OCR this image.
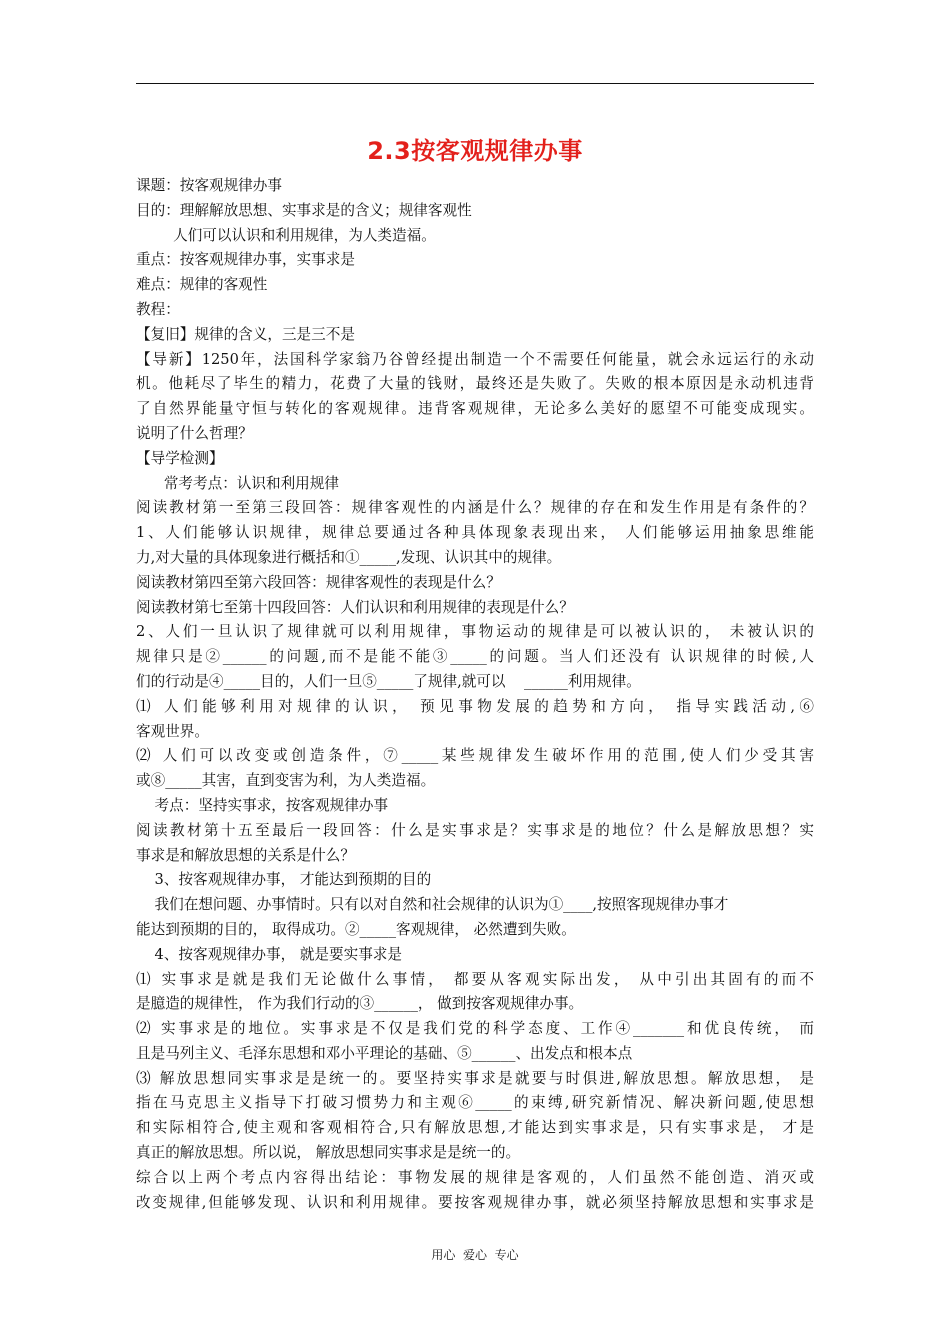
2.3按客观规律办事
课题：按客观规律办事
目的：理解解放思想、实事求是的含义；规律客观性
人们可以认识和利用规律，为人类造福。
重点：按客观规律办事，实事求是
难点：规律的客观性
教程：
【复旧】规律的含义，三是三不是
【导新】1250年，法国科学家翁乃谷曾经提出制造一个不需要任何能量，就会永远运行的永动
机。他耗尽了毕生的精力，花费了大量的钱财，最终还是失败了。失败的根本原因是永动机违背
了自然界能量守恒与转化的客观规律。违背客观规律，无论多么美好的愿望不可能变成现实。
说明了什么哲理？
【导学检测】
常考考点：认识和利用规律
阅读教材第一至第三段回答：规律客观性的内涵是什么？规律的存在和发生作用是有条件的？
1、人们能够认识规律，规律总要通过各种具体现象表现出来， 人们能够运用抽象思维能
力,对大量的具体现象进行概括和①_____,发现、认识其中的规律。
阅读教材第四至第六段回答：规律客观性的表现是什么？
阅读教材第七至第十四段回答：人们认识和利用规律的表现是什么？
2、人们一旦认识了规律就可以利用规律，事物运动的规律是可以被认识的， 未被认识的
规律只是②______的问题,而不是能不能③_____的问题。当人们还没有 认识规律的时候,人
们的行动是④_____目的，人们一旦⑤_____了规律,就可以    ______利用规律。
⑴ 人们能够利用对规律的认识， 预见事物发展的趋势和方向， 指导实践活动,⑥
客观世界。
⑵ 人们可以改变或创造条件，⑦_____某些规律发生破坏作用的范围,使人们少受其害
或⑧_____其害，直到变害为利，为人类造福。
考点：坚持实事求，按客观规律办事
阅读教材第十五至最后一段回答：什么是实事求是？实事求是的地位？什么是解放思想？实
事求是和解放思想的关系是什么？
3、按客观规律办事， 才能达到预期的目的
我们在想问题、办事情时。只有以对自然和社会规律的认识为①____,按照客现规律办事才
能达到预期的目的， 取得成功。②_____客观规律， 必然遭到失败。
4、按客观规律办事， 就是要实事求是
⑴ 实事求是就是我们无论做什么事情， 都要从客观实际出发， 从中引出其固有的而不
是臆造的规律性， 作为我们行动的③______， 做到按客观规律办事。
⑵ 实事求是的地位。实事求是不仅是我们党的科学态度、工作④_______和优良传统， 而
且是马列主义、毛泽东思想和邓小平理论的基础、⑤______、出发点和根本点
⑶ 解放思想同实事求是是统一的。要坚持实事求是就要与时俱进,解放思想。解放思想， 是
指在马克思主义指导下打破习惯势力和主观⑥_____的束缚,研究新情况、解决新问题,使思想
和实际相符合,使主观和客观相符合,只有解放思想,才能达到实事求是，只有实事求是， 才是
真正的解放思想。所以说， 解放思想同实事求是是统一的。
综合以上两个考点内容得出结论：事物发展的规律是客观的，人们虽然不能创造、消灭或
改变规律,但能够发现、认识和利用规律。要按客观规律办事，就必须坚持解放思想和实事求是
用心  爱心  专心
